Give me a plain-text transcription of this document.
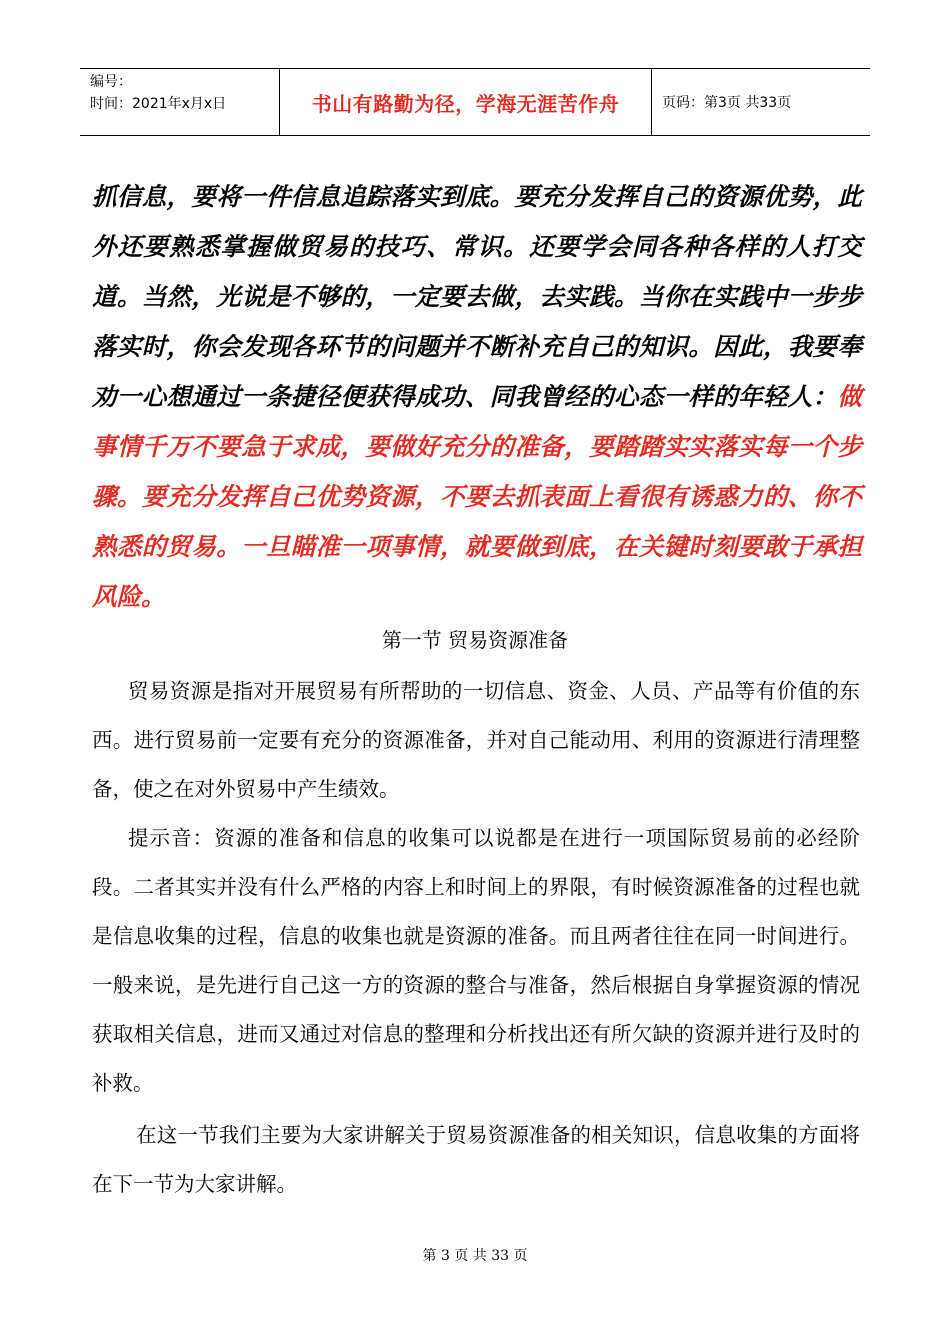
编号：
时间：2021年x月x日	书山有路勤为径，学海无涯苦作舟	页码：第3页 共33页
抓信息，要将一件信息追踪落实到底。要充分发挥自己的资源优势，此外还要熟悉掌握做贸易的技巧、常识。还要学会同各种各样的人打交道。当然，光说是不够的，一定要去做，去实践。当你在实践中一步步落实时，你会发现各环节的问题并不断补充自己的知识。因此，我要奉劝一心想通过一条捷径便获得成功、同我曾经的心态一样的年轻人：做事情千万不要急于求成，要做好充分的准备，要踏踏实实落实每一个步骤。要充分发挥自己优势资源，不要去抓表面上看很有诱惑力的、你不熟悉的贸易。一旦瞄准一项事情，就要做到底，在关键时刻要敢于承担风险。
第一节 贸易资源准备

贸易资源是指对开展贸易有所帮助的一切信息、资金、人员、产品等有价值的东西。进行贸易前一定要有充分的资源准备，并对自己能动用、利用的资源进行清理整备，使之在对外贸易中产生绩效。

提示音：资源的准备和信息的收集可以说都是在进行一项国际贸易前的必经阶段。二者其实并没有什么严格的内容上和时间上的界限，有时候资源准备的过程也就是信息收集的过程，信息的收集也就是资源的准备。而且两者往往在同一时间进行。一般来说，是先进行自己这一方的资源的整合与准备，然后根据自身掌握资源的情况获取相关信息，进而又通过对信息的整理和分析找出还有所欠缺的资源并进行及时的补救。

在这一节我们主要为大家讲解关于贸易资源准备的相关知识，信息收集的方面将在下一节为大家讲解。

第 3 页 共 33 页
